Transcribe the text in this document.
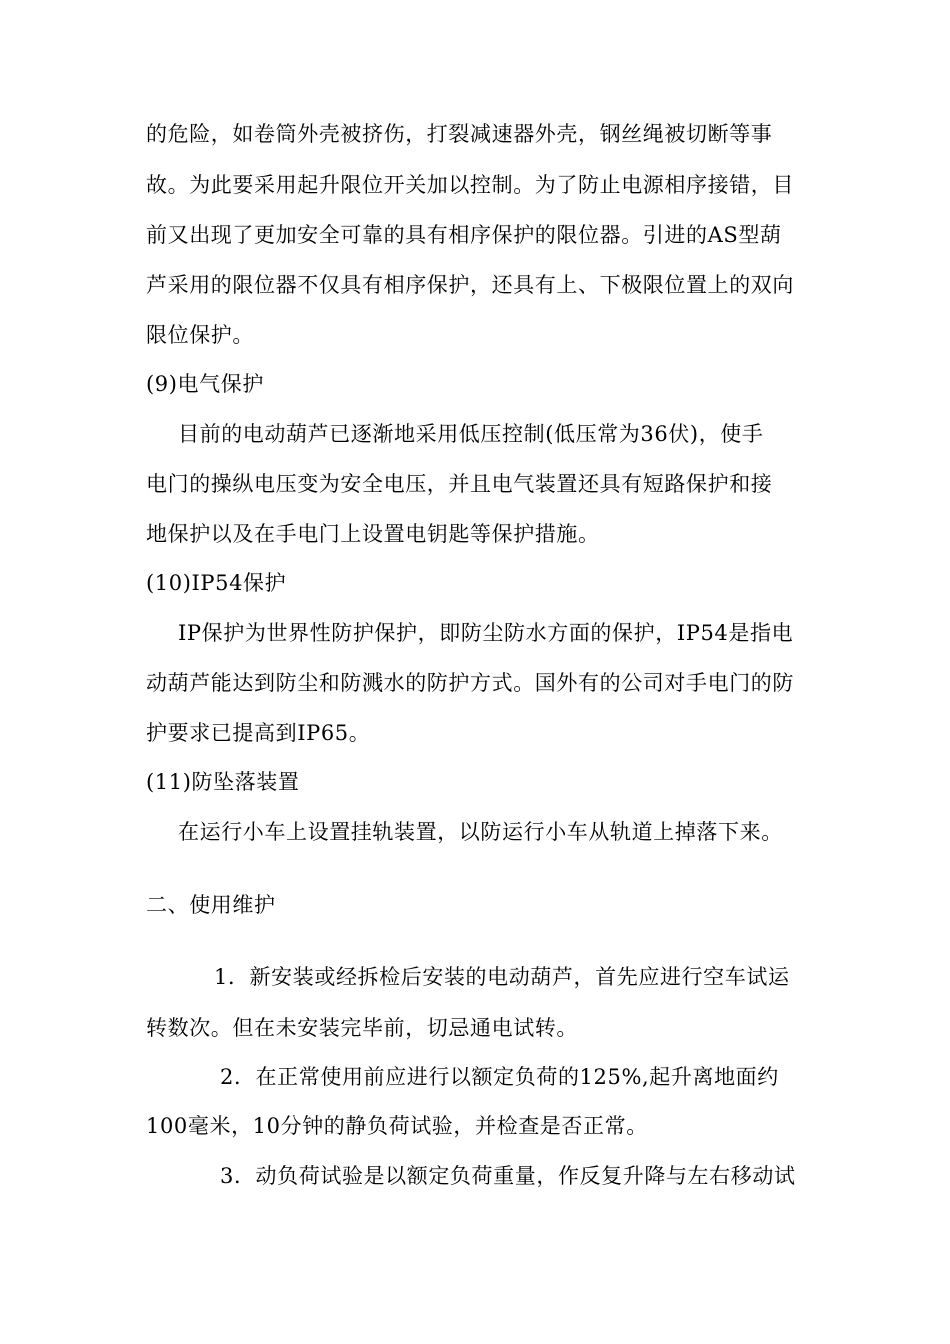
的危险，如卷筒外壳被挤伤，打裂减速器外壳，钢丝绳被切断等事
故。为此要采用起升限位开关加以控制。为了防止电源相序接错，目
前又出现了更加安全可靠的具有相序保护的限位器。引进的AS型葫
芦采用的限位器不仅具有相序保护，还具有上、下极限位置上的双向
限位保护。
(9)电气保护
目前的电动葫芦已逐渐地采用低压控制(低压常为36伏)，使手
电门的操纵电压变为安全电压，并且电气装置还具有短路保护和接
地保护以及在手电门上设置电钥匙等保护措施。
(10)IP54保护
IP保护为世界性防护保护，即防尘防水方面的保护，IP54是指电
动葫芦能达到防尘和防溅水的防护方式。国外有的公司对手电门的防
护要求已提高到IP65。
(11)防坠落装置
在运行小车上设置挂轨装置，以防运行小车从轨道上掉落下来。
二、使用维护
1．新安装或经拆检后安装的电动葫芦，首先应进行空车试运
转数次。但在未安装完毕前，切忌通电试转。
2．在正常使用前应进行以额定负荷的125%,起升离地面约
100毫米，10分钟的静负荷试验，并检查是否正常。
3．动负荷试验是以额定负荷重量，作反复升降与左右移动试
